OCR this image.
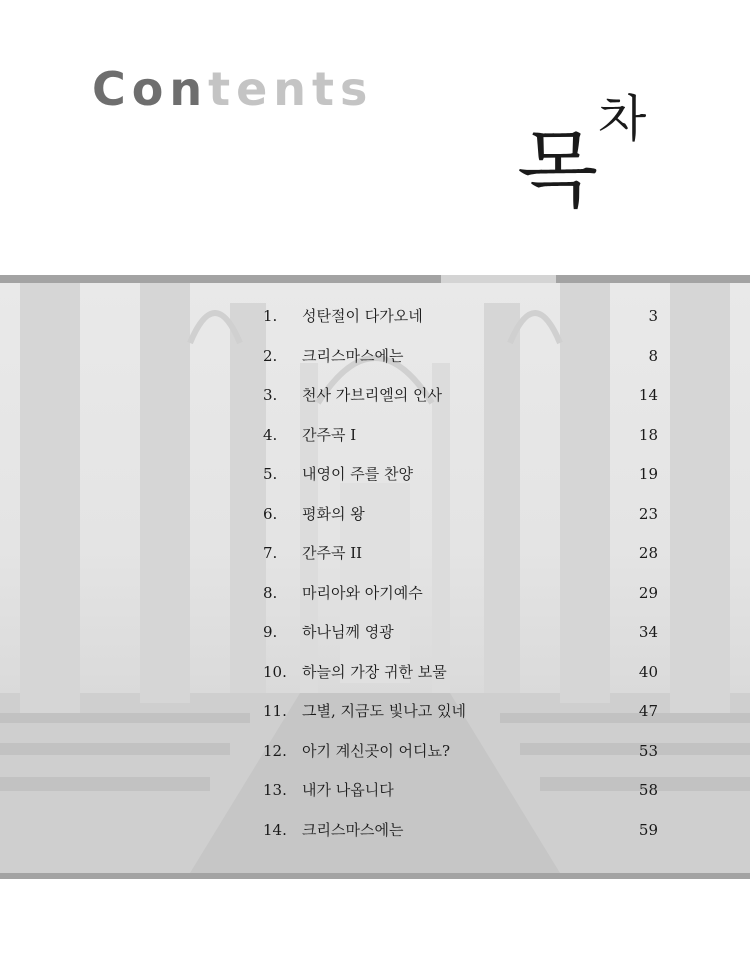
Contents
목
차
1. 성탄절이 다가오네	3
2. 크리스마스에는	8
3. 천사 가브리엘의 인사	14
4. 간주곡 I	18
5. 내영이 주를 찬양	19
6. 평화의 왕	23
7. 간주곡 II	28
8. 마리아와 아기예수	29
9. 하나님께 영광	34
10. 하늘의 가장 귀한 보물	40
11. 그별, 지금도 빛나고 있네	47
12. 아기 계신곳이 어디뇨?	53
13. 내가 나옵니다	58
14. 크리스마스에는	59
